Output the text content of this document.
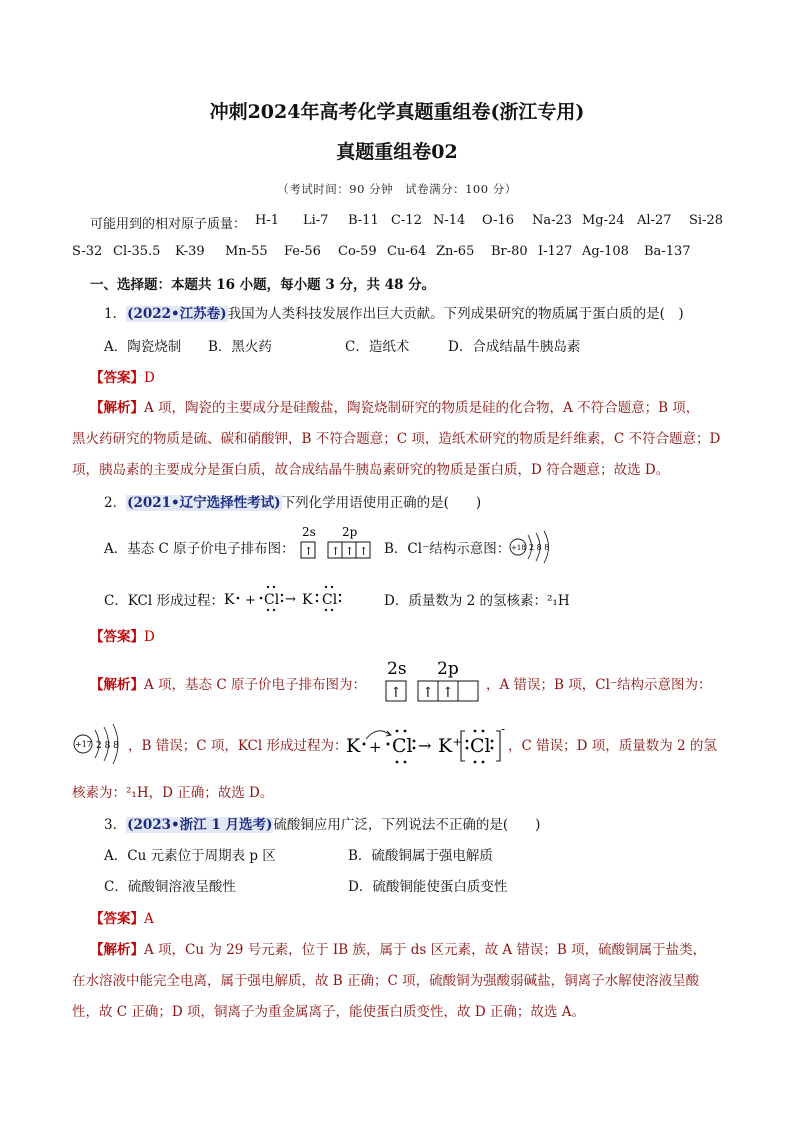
冲刺2024年高考化学真题重组卷(浙江专用)
真题重组卷02
（考试时间：90 分钟　试卷满分：100 分）
可能用到的相对原子质量： H-1 Li-7 B-11 C-12 N-14 O-16 Na-23 Mg-24 Al-27 Si-28
S-32 Cl-35.5 K-39 Mn-55 Fe-56 Co-59 Cu-64 Zn-65 Br-80 I-127 Ag-108 Ba-137
一、选择题：本题共 16 小题，每小题 3 分，共 48 分。
1．(2022•江苏卷)我国为人类科技发展作出巨大贡献。下列成果研究的物质属于蛋白质的是(　)
A．陶瓷烧制 B．黑火药	C．造纸术	D．合成结晶牛胰岛素
【答案】D
【解析】A 项，陶瓷的主要成分是硅酸盐，陶瓷烧制研究的物质是硅的化合物，A 不符合题意；B 项，
黑火药研究的物质是硫、碳和硝酸钾，B 不符合题意；C 项，造纸术研究的物质是纤维素，C 不符合题意；D
项，胰岛素的主要成分是蛋白质，故合成结晶牛胰岛素研究的物质是蛋白质，D 符合题意；故选 D。
2．(2021•辽宁选择性考试)下列化学用语使用正确的是(　　)
A．基态 C 原子价电子排布图：
2s 2p
↑ ↑ ↑ ↑ B．Cl⁻结构示意图： +18 2 8 8
C．KCl 形成过程： K + Cl → K Cl	D．质量数为 2 的氢核素：²₁H
【答案】D
【解析】A 项，基态 C 原子价电子排布图为：
2s 2p
↑ ↑ ↑ ，A 错误；B 项，Cl⁻结构示意图为：
+17 2 8 8 ，B 错误；C 项，KCl 形成过程为：
K + Cl → K⁺ Cl
-
，C 错误；D 项，质量数为 2 的氢
核素为：²₁H，D 正确；故选 D。
3．(2023•浙江 1 月选考)硫酸铜应用广泛，下列说法不正确的是(　　)
A．Cu 元素位于周期表 p 区	B．硫酸铜属于强电解质
C．硫酸铜溶液呈酸性	D．硫酸铜能使蛋白质变性
【答案】A
【解析】A 项，Cu 为 29 号元素，位于 IB 族，属于 ds 区元素，故 A 错误；B 项，硫酸铜属于盐类，
在水溶液中能完全电离，属于强电解质，故 B 正确；C 项，硫酸铜为强酸弱碱盐，铜离子水解使溶液呈酸
性，故 C 正确；D 项，铜离子为重金属离子，能使蛋白质变性，故 D 正确；故选 A。
